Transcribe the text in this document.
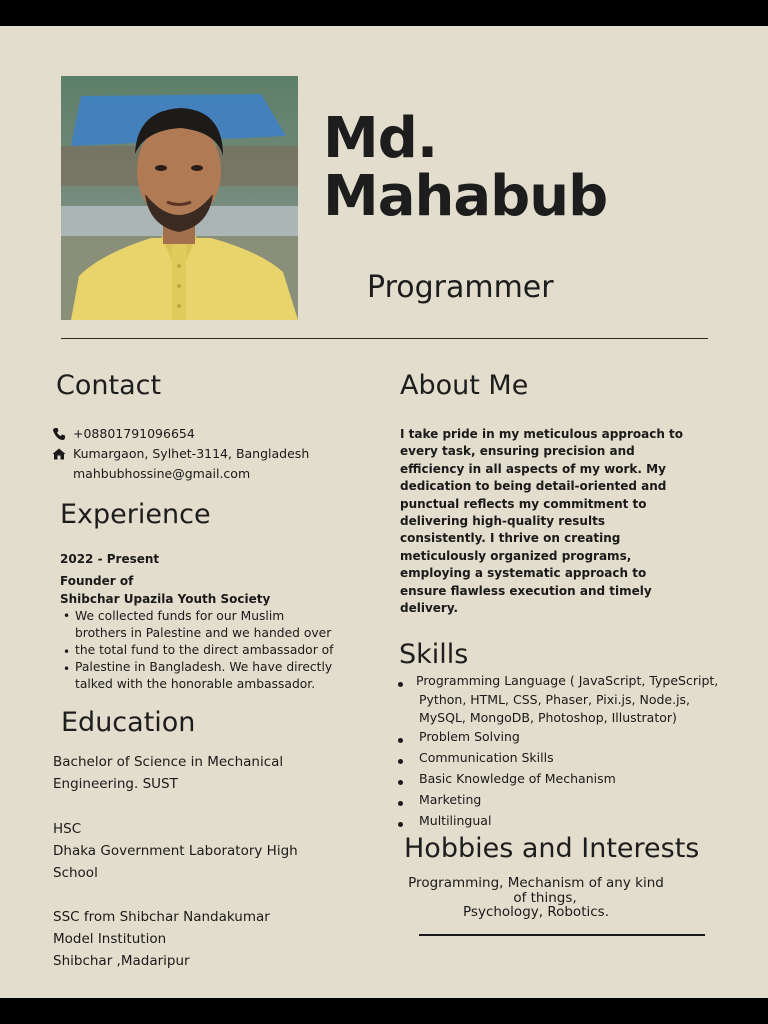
Md.
Mahabub
Programmer
Contact
+08801791096654
Kumargaon, Sylhet-3114, Bangladesh
mahbubhossine@gmail.com
Experience
2022 - Present
Founder of
Shibchar Upazila Youth Society
•
•
•
We collected funds for our Muslim
brothers in Palestine and we handed over
the total fund to the direct ambassador of
Palestine in Bangladesh. We have directly
talked with the honorable ambassador.
Education
Bachelor of Science in Mechanical
Engineering. SUST
HSC
Dhaka Government Laboratory High
School
SSC from Shibchar Nandakumar
Model Institution
Shibchar ,Madaripur
About Me
I take pride in my meticulous approach to
every task, ensuring precision and
efficiency in all aspects of my work. My
dedication to being detail-oriented and
punctual reflects my commitment to
delivering high-quality results
consistently. I thrive on creating
meticulously organized programs,
employing a systematic approach to
ensure flawless execution and timely
delivery.
Skills
Programming Language ( JavaScript, TypeScript,
Python, HTML, CSS, Phaser, Pixi.js, Node.js,
MySQL, MongoDB, Photoshop, Illustrator)
Problem Solving
Communication Skills
Basic Knowledge of Mechanism
Marketing
Multilingual
Hobbies and Interests
Programming, Mechanism of any kind
of things,
Psychology, Robotics.
